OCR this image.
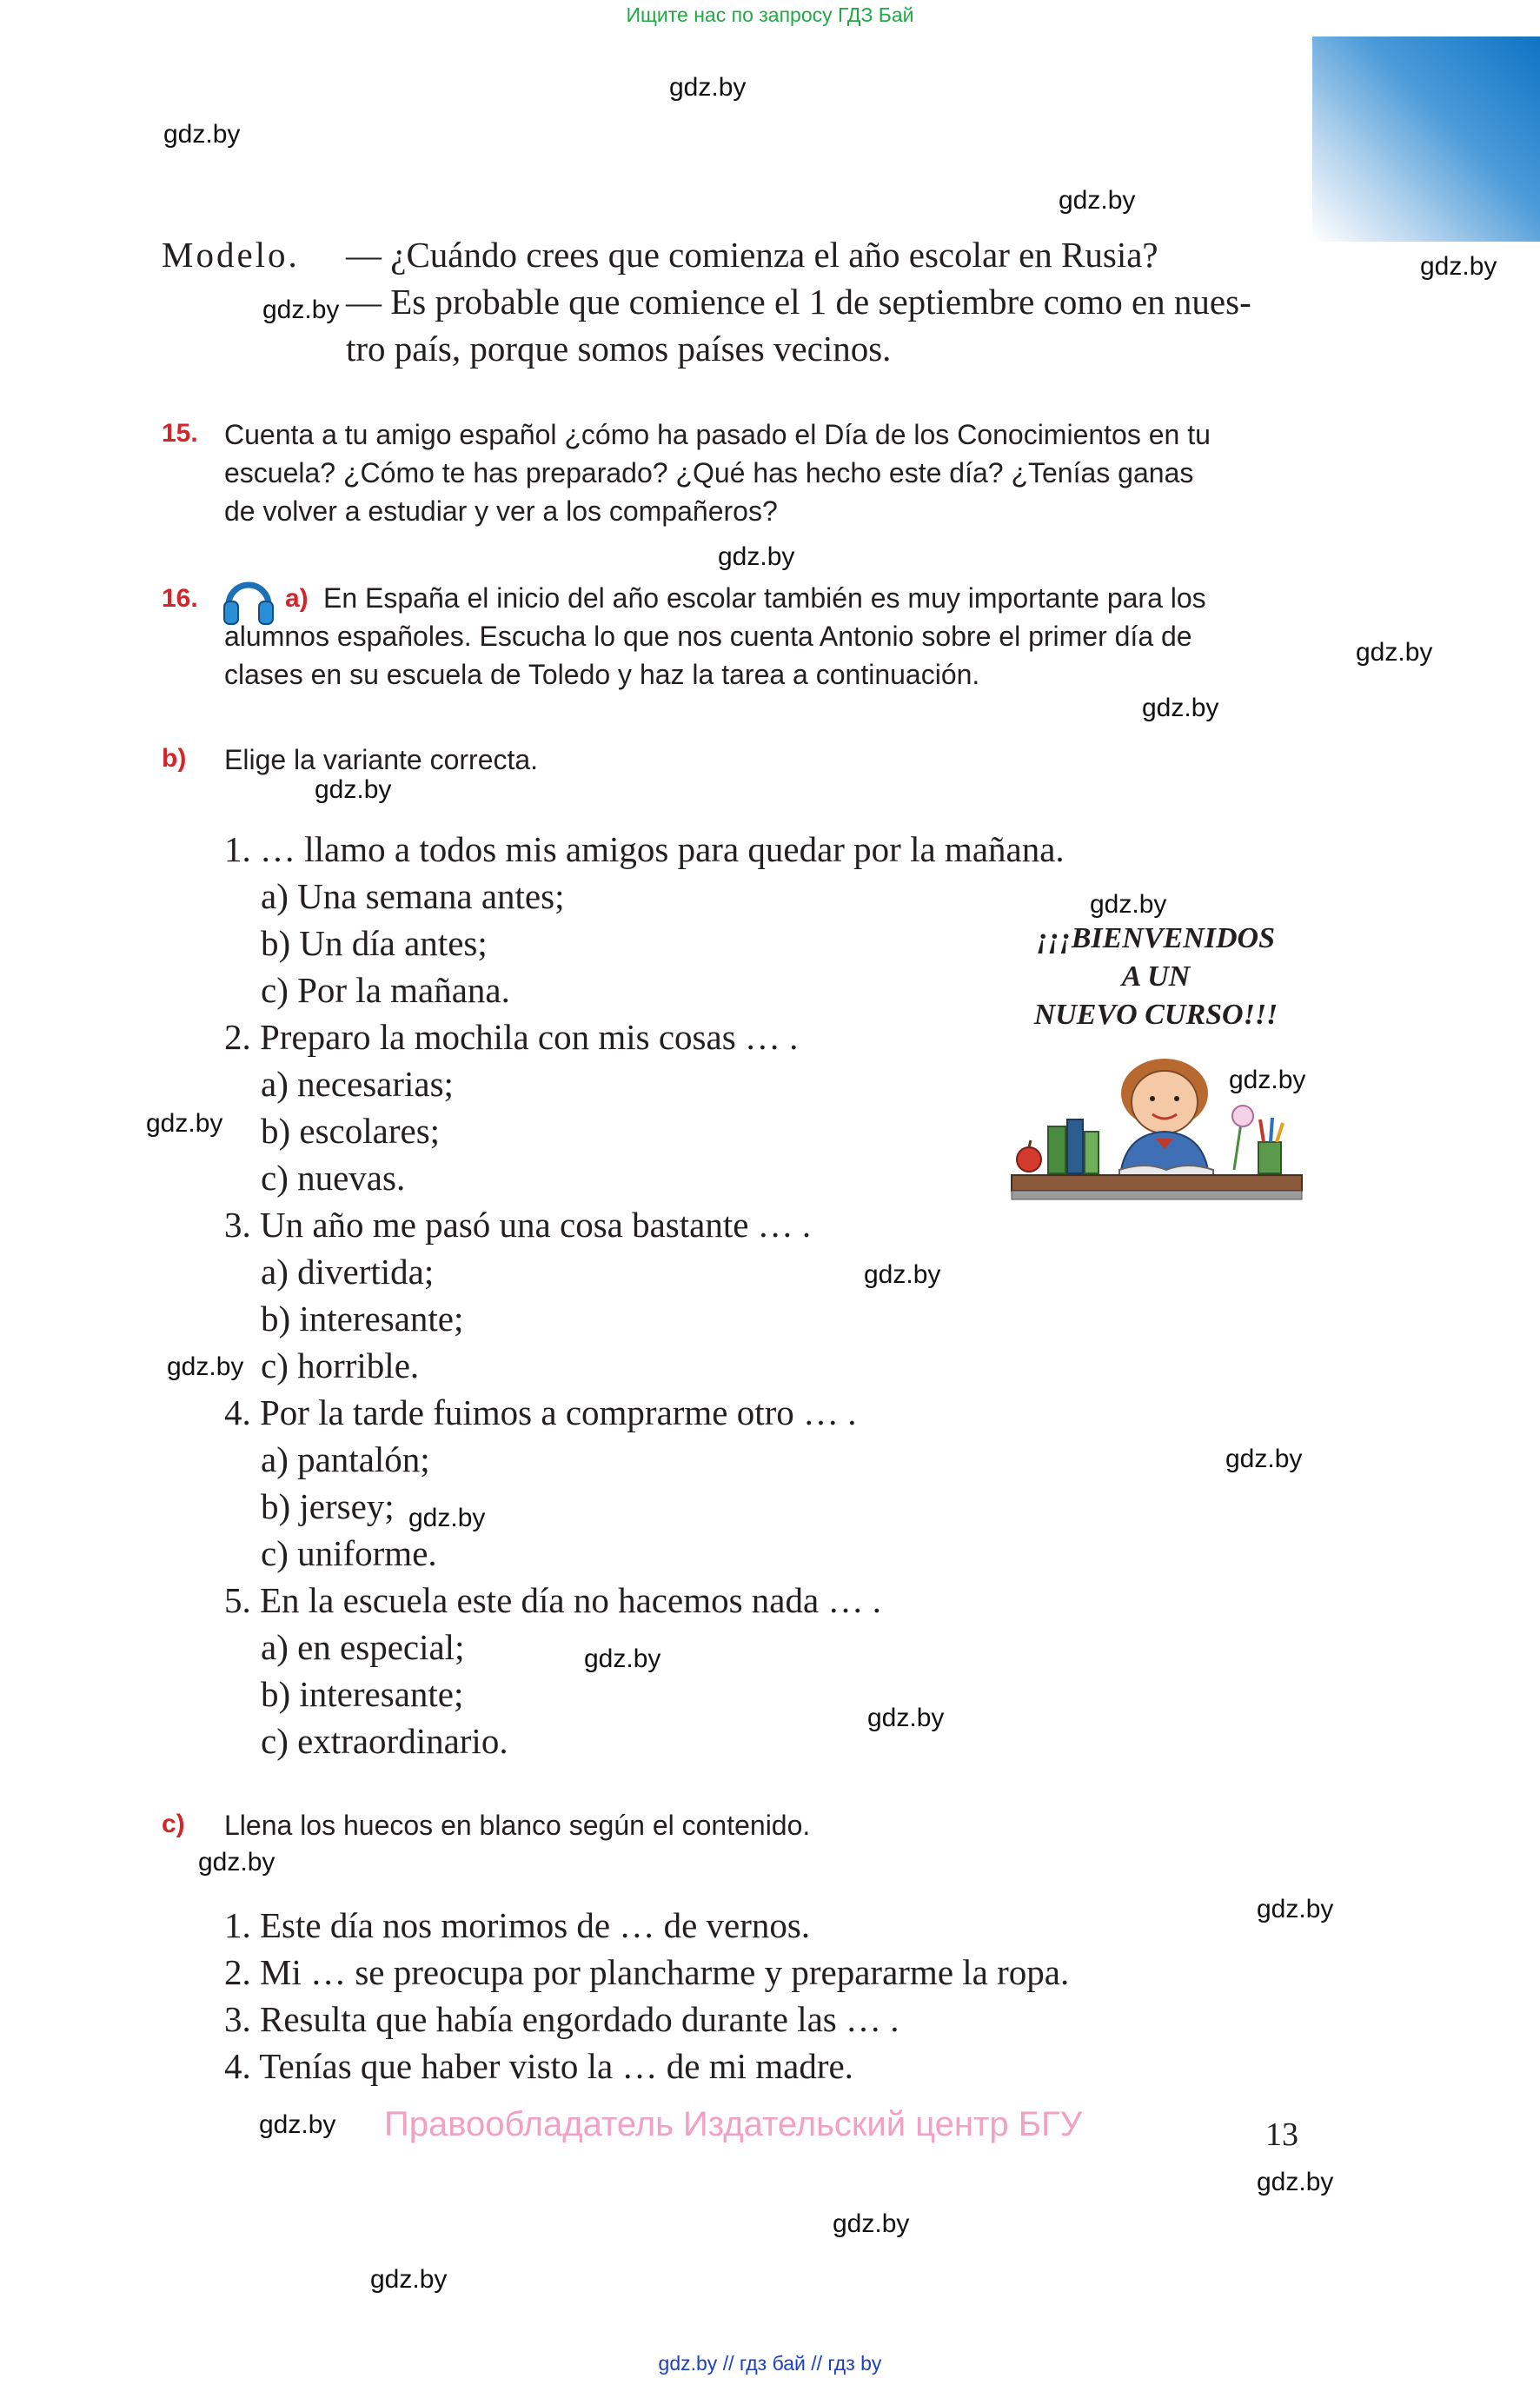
Ищите нас по запросу ГДЗ Бай
gdz.by
gdz.by
gdz.by
gdz.by
gdz.by
gdz.by
gdz.by
gdz.by
gdz.by
gdz.by
gdz.by
gdz.by
gdz.by
gdz.by
gdz.by
gdz.by
gdz.by
gdz.by
gdz.by
gdz.by
gdz.by
gdz.by
gdz.by
gdz.by
Modelo. — ¿Cuándo crees que comienza el año escolar en Rusia?
— Es probable que comience el 1 de septiembre como en nues-
tro país, porque somos países vecinos.
15. Cuenta a tu amigo español ¿cómo ha pasado el Día de los Conocimientos en tu
escuela? ¿Cómo te has preparado? ¿Qué has hecho este día? ¿Tenías ganas
de volver a estudiar y ver a los compañeros?
16.	a) En España el inicio del año escolar también es muy importante para los
alumnos españoles. Escucha lo que nos cuenta Antonio sobre el primer día de
clases en su escuela de Toledo y haz la tarea a continuación.
b) Elige la variante correcta.
1. … llamo a todos mis amigos para quedar por la mañana.
a) Una semana antes;
b) Un día antes;
c) Por la mañana.
2. Preparo la mochila con mis cosas … .
a) necesarias;
b) escolares;
c) nuevas.
3. Un año me pasó una cosa bastante … .
a) divertida;
b) interesante;
c) horrible.
4. Por la tarde fuimos a comprarme otro … .
a) pantalón;
b) jersey;
c) uniforme.
5. En la escuela este día no hacemos nada … .
a) en especial;
b) interesante;
c) extraordinario.
¡¡¡BIENVENIDOS
A UN
NUEVO CURSO!!!
c) Llena los huecos en blanco según el contenido.
1. Este día nos morimos de … de vernos.
2. Mi … se preocupa por plancharme y prepararme la ropa.
3. Resulta que había engordado durante las … .
4. Tenías que haber visto la … de mi madre.
Правообладатель Издательский центр БГУ	13
gdz.by // гдз бай // гдз by
